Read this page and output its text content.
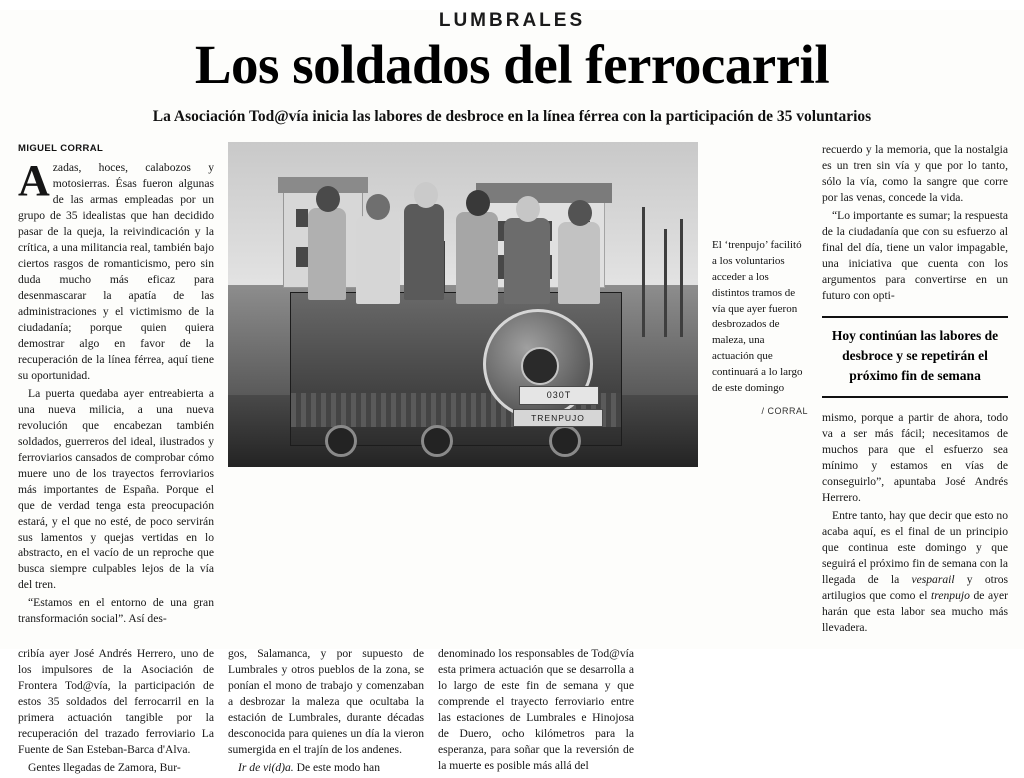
LUMBRALES
Los soldados del ferrocarril
La Asociación Tod@vía inicia las labores de desbroce en la línea férrea con la participación de 35 voluntarios
MIGUEL CORRAL

Azadas, hoces, calabozos y motosierras. Ésas fueron algunas de las armas empleadas por un grupo de 35 idealistas que han decidido pasar de la queja, la reivindicación y la crítica, a una militancia real, también bajo ciertos rasgos de romanticismo, pero sin duda mucho más eficaz para desenmascarar la apatía de las administraciones y el victimismo de la ciudadanía; porque quien quiera demostrar algo en favor de la recuperación de la línea férrea, aquí tiene su oportunidad.

La puerta quedaba ayer entreabierta a una nueva milicia, a una nueva revolución que encabezan también soldados, guerreros del ideal, ilustrados y ferroviarios cansados de comprobar cómo muere uno de los trayectos ferroviarios más importantes de España. Porque el que de verdad tenga esta preocupación estará, y el que no esté, de poco servirán sus lamentos y quejas vertidas en lo abstracto, en el vacío de un reproche que busca siempre culpables lejos de la vía del tren.

“Estamos en el entorno de una gran transformación social”. Así des-

030T
TRENPUJO
El ‘trenpujo’ facilitó a los voluntarios acceder a los distintos tramos de vía que ayer fueron desbrozados de maleza, una actuación que continuará a lo largo de este domingo
/ CORRAL

recuerdo y la memoria, que la nostalgia es un tren sin vía y que por lo tanto, sólo la vía, como la sangre que corre por las venas, concede la vida.

“Lo importante es sumar; la respuesta de la ciudadanía que con su esfuerzo al final del día, tiene un valor impagable, una iniciativa que cuenta con los argumentos para convertirse en un futuro con opti-

Hoy continúan las labores de desbroce y se repetirán el próximo fin de semana

mismo, porque a partir de ahora, todo va a ser más fácil; necesitamos de muchos para que el esfuerzo sea mínimo y estamos en vías de conseguirlo”, apuntaba José Andrés Herrero.

Entre tanto, hay que decir que esto no acaba aquí, es el final de un principio que continua este domingo y que seguirá el próximo fin de semana con la llegada de la vesparail y otros artilugios que como el trenpujo de ayer harán que esta labor sea mucho más llevadera.

cribía ayer José Andrés Herrero, uno de los impulsores de la Asociación de Frontera Tod@vía, la participación de estos 35 soldados del ferrocarril en la primera actuación tangible por la recuperación del trazado ferroviario La Fuente de San Esteban-Barca d'Alva.

Gentes llegadas de Zamora, Bur-

gos, Salamanca, y por supuesto de Lumbrales y otros pueblos de la zona, se ponían el mono de trabajo y comenzaban a desbrozar la maleza que ocultaba la estación de Lumbrales, durante décadas desconocida para quienes un día la vieron sumergida en el trajín de los andenes.

Ir de vi(d)a. De este modo han

denominado los responsables de Tod@vía esta primera actuación que se desarrolla a lo largo de este fin de semana y que comprende el trayecto ferroviario entre las estaciones de Lumbrales e Hinojosa de Duero, ocho kilómetros para la esperanza, para soñar que la reversión de la muerte es posible más allá del
